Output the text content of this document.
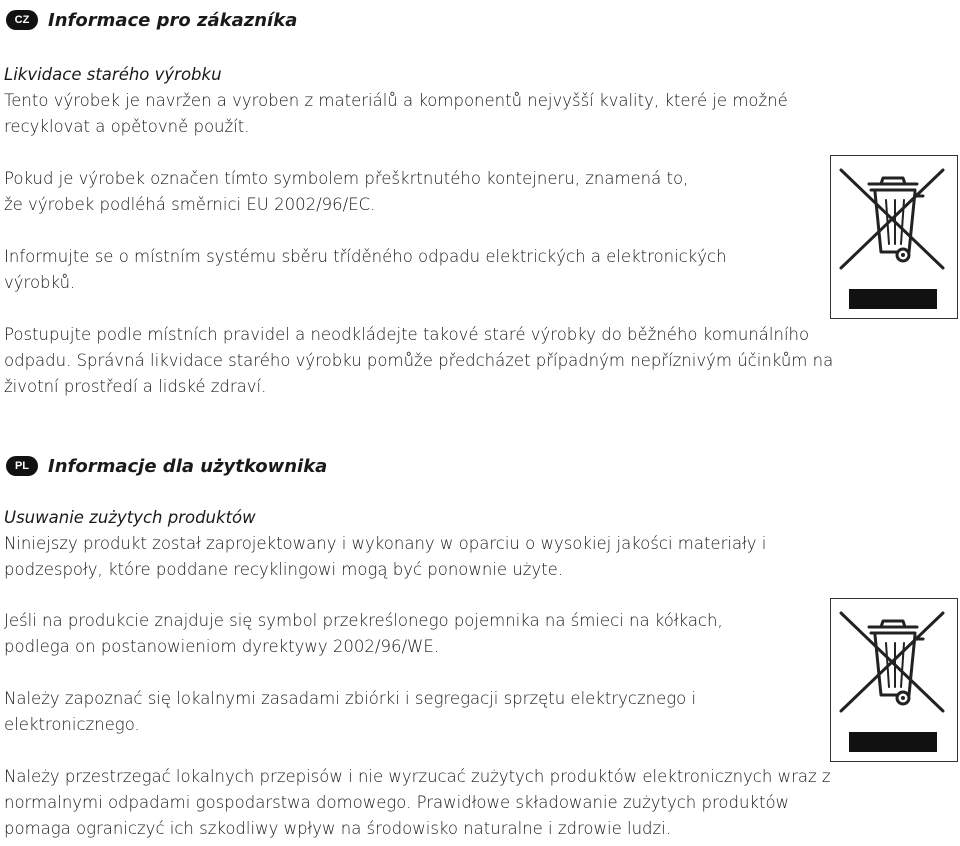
CZ	Informace pro zákazníka
Likvidace starého výrobku
Tento výrobek je navržen a vyroben z materiálů a komponentů nejvyšší kvality, které je možné
recyklovat a opětovně použít.
Pokud je výrobek označen tímto symbolem přeškrtnutého kontejneru, znamená to,
že výrobek podléhá směrnici EU 2002/96/EC.
Informujte se o místním systému sběru tříděného odpadu elektrických a elektronických
výrobků.
Postupujte podle místních pravidel a neodkládejte takové staré výrobky do běžného komunálního
odpadu. Správná likvidace starého výrobku pomůže předcházet případným nepříznivým účinkům na
životní prostředí a lidské zdraví.
PL	Informacje dla użytkownika
Usuwanie zużytych produktów
Niniejszy produkt został zaprojektowany i wykonany w oparciu o wysokiej jakości materiały i
podzespoły, które poddane recyklingowi mogą być ponownie użyte.
Jeśli na produkcie znajduje się symbol przekreślonego pojemnika na śmieci na kółkach,
podlega on postanowieniom dyrektywy 2002/96/WE.
Należy zapoznać się lokalnymi zasadami zbiórki i segregacji sprzętu elektrycznego i
elektronicznego.
Należy przestrzegać lokalnych przepisów i nie wyrzucać zużytych produktów elektronicznych wraz z
normalnymi odpadami gospodarstwa domowego. Prawidłowe składowanie zużytych produktów
pomaga ograniczyć ich szkodliwy wpływ na środowisko naturalne i zdrowie ludzi.
